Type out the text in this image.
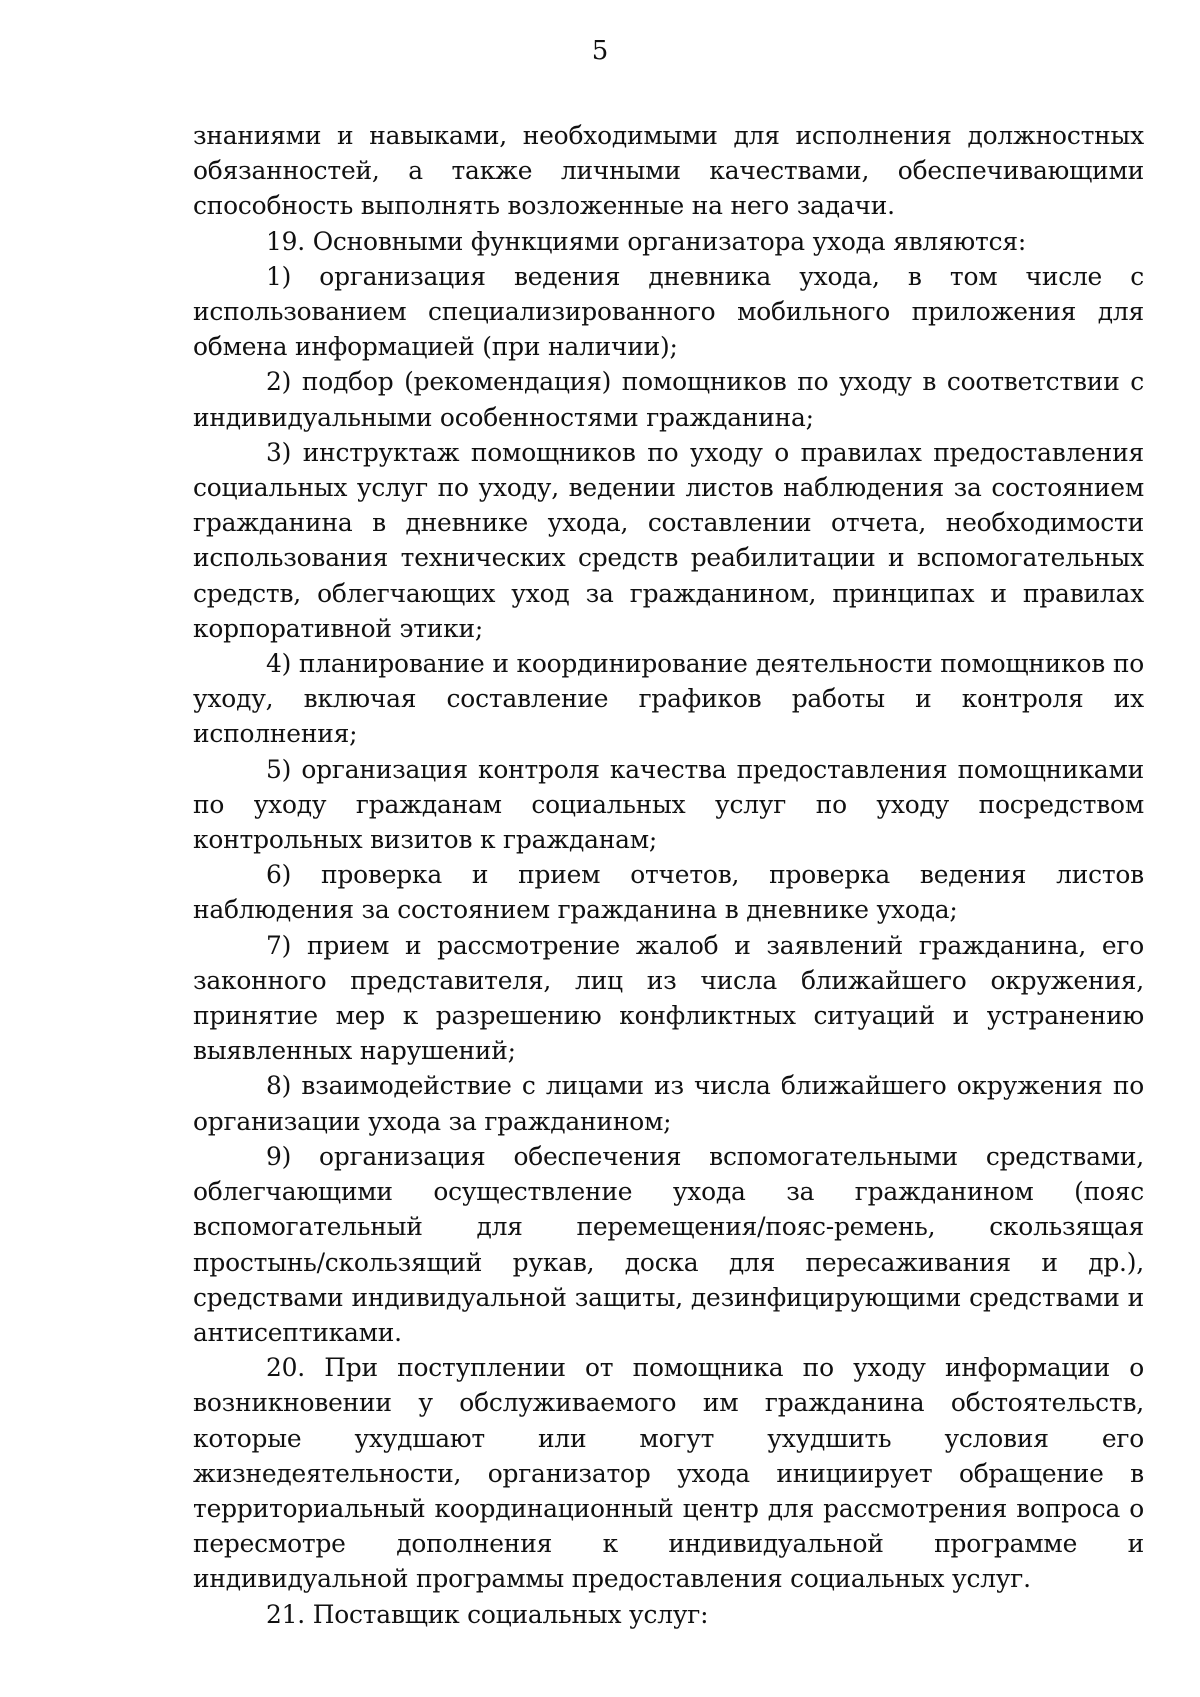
5

знаниями и навыками, необходимыми для исполнения должностных обязанностей, а также личными качествами, обеспечивающими способность выполнять возложенные на него задачи.

19. Основными функциями организатора ухода являются:

1) организация ведения дневника ухода, в том числе с использованием специализированного мобильного приложения для обмена информацией (при наличии);

2) подбор (рекомендация) помощников по уходу в соответствии с индивидуальными особенностями гражданина;

3) инструктаж помощников по уходу о правилах предоставления социальных услуг по уходу, ведении листов наблюдения за состоянием гражданина в дневнике ухода, составлении отчета, необходимости использования технических средств реабилитации и вспомогательных средств, облегчающих уход за гражданином, принципах и правилах корпоративной этики;

4) планирование и координирование деятельности помощников по уходу, включая составление графиков работы и контроля их исполнения;

5) организация контроля качества предоставления помощниками по уходу гражданам социальных услуг по уходу посредством контрольных визитов к гражданам;

6) проверка и прием отчетов, проверка ведения листов наблюдения за состоянием гражданина в дневнике ухода;

7) прием и рассмотрение жалоб и заявлений гражданина, его законного представителя, лиц из числа ближайшего окружения, принятие мер к разрешению конфликтных ситуаций и устранению выявленных нарушений;

8) взаимодействие с лицами из числа ближайшего окружения по организации ухода за гражданином;

9) организация обеспечения вспомогательными средствами, облегчающими осуществление ухода за гражданином (пояс вспомогательный для перемещения/пояс-ремень, скользящая простынь/скользящий рукав, доска для пересаживания и др.), средствами индивидуальной защиты, дезинфицирующими средствами и антисептиками.

20. При поступлении от помощника по уходу информации о возникновении у обслуживаемого им гражданина обстоятельств, которые ухудшают или могут ухудшить условия его жизнедеятельности, организатор ухода инициирует обращение в территориальный координационный центр для рассмотрения вопроса о пересмотре дополнения к индивидуальной программе и индивидуальной программы предоставления социальных услуг.

21. Поставщик социальных услуг:
